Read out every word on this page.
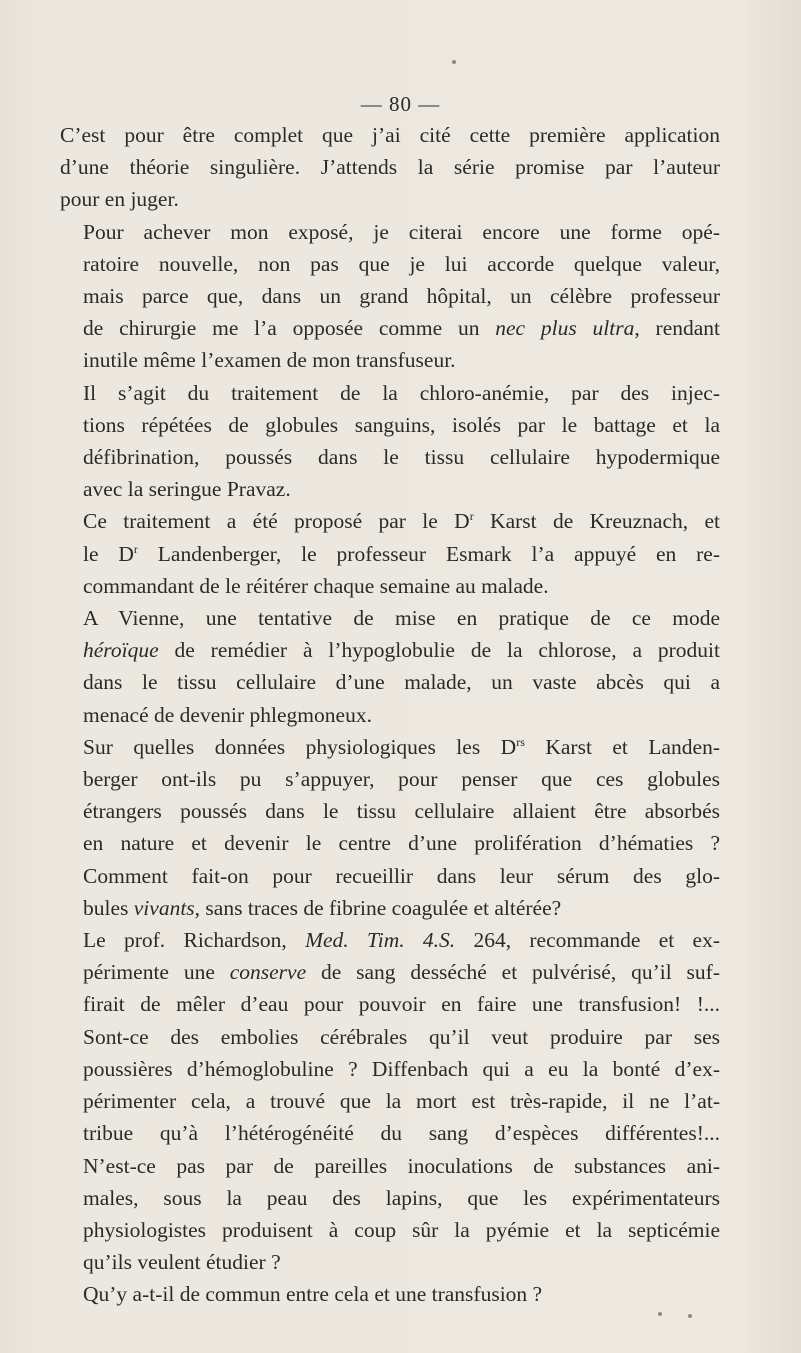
— 80 —

C’est pour être complet que j’ai cité cette première application
d’une théorie singulière. J’attends la série promise par l’auteur
pour en juger.

Pour achever mon exposé, je citerai encore une forme opé-
ratoire nouvelle, non pas que je lui accorde quelque valeur,
mais parce que, dans un grand hôpital, un célèbre professeur
de chirurgie me l’a opposée comme un nec plus ultra, rendant
inutile même l’examen de mon transfuseur.

Il s’agit du traitement de la chloro-anémie, par des injec-
tions répétées de globules sanguins, isolés par le battage et la
défibrination, poussés dans le tissu cellulaire hypodermique
avec la seringue Pravaz.

Ce traitement a été proposé par le $D^r$ Karst de Kreuznach, et
le $D^r$ Landenberger, le professeur Esmark l’a appuyé en re-
commandant de le réitérer chaque semaine au malade.

A Vienne, une tentative de mise en pratique de ce mode
héroïque de remédier à l’hypoglobulie de la chlorose, a produit
dans le tissu cellulaire d’une malade, un vaste abcès qui a
menacé de devenir phlegmoneux.

Sur quelles données physiologiques les $D^{rs}$ Karst et Landen-
berger ont-ils pu s’appuyer, pour penser que ces globules
étrangers poussés dans le tissu cellulaire allaient être absorbés
en nature et devenir le centre d’une prolifération d’hématies ?
Comment fait-on pour recueillir dans leur sérum des glo-
bules vivants, sans traces de fibrine coagulée et altérée?

Le prof. Richardson, Med. Tim. 4.S. 264, recommande et ex-
périmente une conserve de sang desséché et pulvérisé, qu’il suf-
firait de mêler d’eau pour pouvoir en faire une transfusion! !...
Sont-ce des embolies cérébrales qu’il veut produire par ses
poussières d’hémoglobuline ? Diffenbach qui a eu la bonté d’ex-
périmenter cela, a trouvé que la mort est très-rapide, il ne l’at-
tribue qu’à l’hétérogénéité du sang d’espèces différentes!...
N’est-ce pas par de pareilles inoculations de substances ani-
males, sous la peau des lapins, que les expérimentateurs
physiologistes produisent à coup sûr la pyémie et la septicémie
qu’ils veulent étudier ?
Qu’y a-t-il de commun entre cela et une transfusion ?
